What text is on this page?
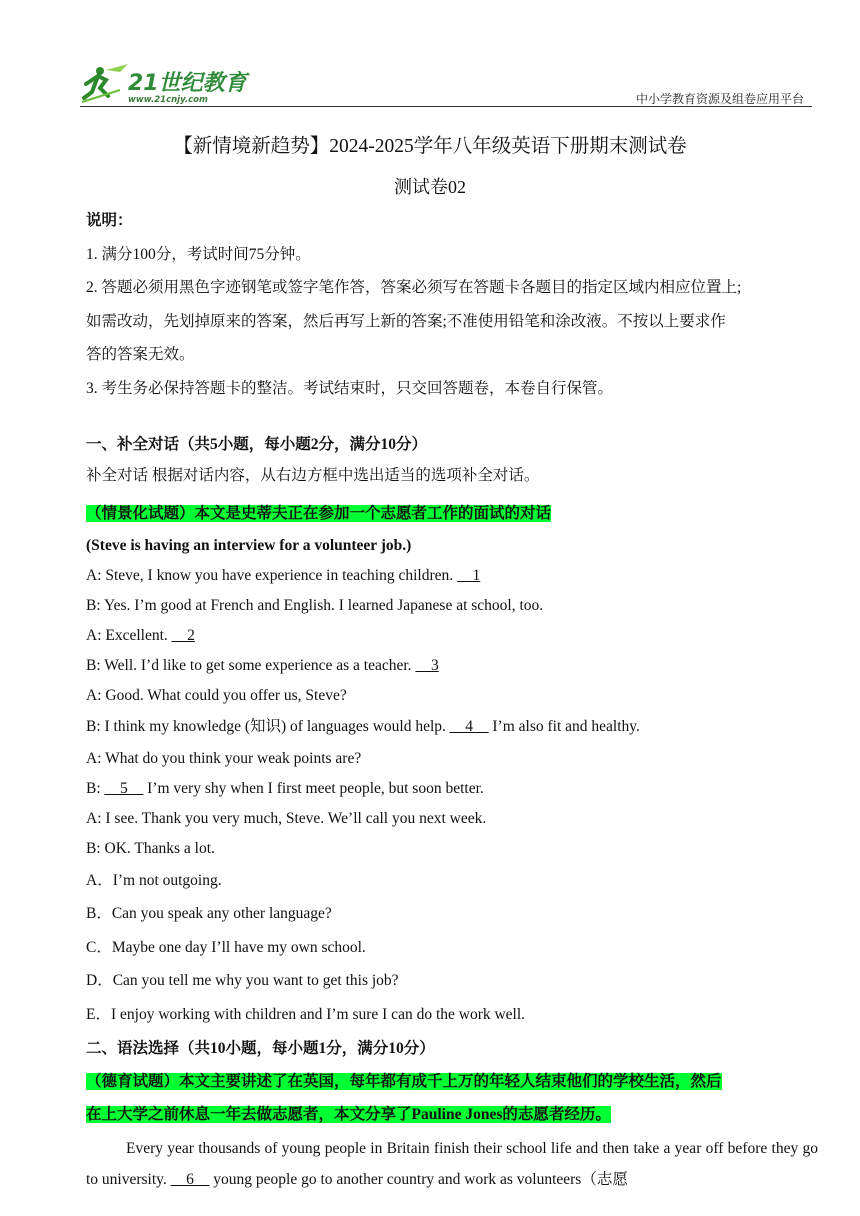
21世纪教育
www.21cnjy.com	中小学教育资源及组卷应用平台
【新情境新趋势】2024-2025学年八年级英语下册期末测试卷
测试卷02
说明：
1. 满分100分，考试时间75分钟。
2. 答题必须用黑色字迹钢笔或签字笔作答，答案必须写在答题卡各题目的指定区域内相应位置上;
如需改动，先划掉原来的答案，然后再写上新的答案;不准使用铅笔和涂改液。不按以上要求作
答的答案无效。
3. 考生务必保持答题卡的整洁。考试结束时，只交回答题卷，本卷自行保管。
一、补全对话（共5小题，每小题2分，满分10分）
补全对话 根据对话内容，从右边方框中选出适当的选项补全对话。
（情景化试题）本文是史蒂夫正在参加一个志愿者工作的面试的对话
(Steve is having an interview for a volunteer job.)
A: Steve, I know you have experience in teaching children. __1
B: Yes. I’m good at French and English. I learned Japanese at school, too.
A: Excellent. __2
B: Well. I’d like to get some experience as a teacher. __3
A: Good. What could you offer us, Steve?
B: I think my knowledge (知识) of languages would help. __4__ I’m also fit and healthy.
A: What do you think your weak points are?
B: __5__ I’m very shy when I first meet people, but soon better.
A: I see. Thank you very much, Steve. We’ll call you next week.
B: OK. Thanks a lot.
A．I’m not outgoing.
B．Can you speak any other language?
C．Maybe one day I’ll have my own school.
D．Can you tell me why you want to get this job?
E．I enjoy working with children and I’m sure I can do the work well.
二、语法选择（共10小题，每小题1分，满分10分）
（德育试题）本文主要讲述了在英国，每年都有成千上万的年轻人结束他们的学校生活，然后
在上大学之前休息一年去做志愿者，本文分享了Pauline Jones的志愿者经历。
Every year thousands of young people in Britain finish their school life and then take a year off before they go to university. __6__ young people go to another country and work as volunteers（志愿
